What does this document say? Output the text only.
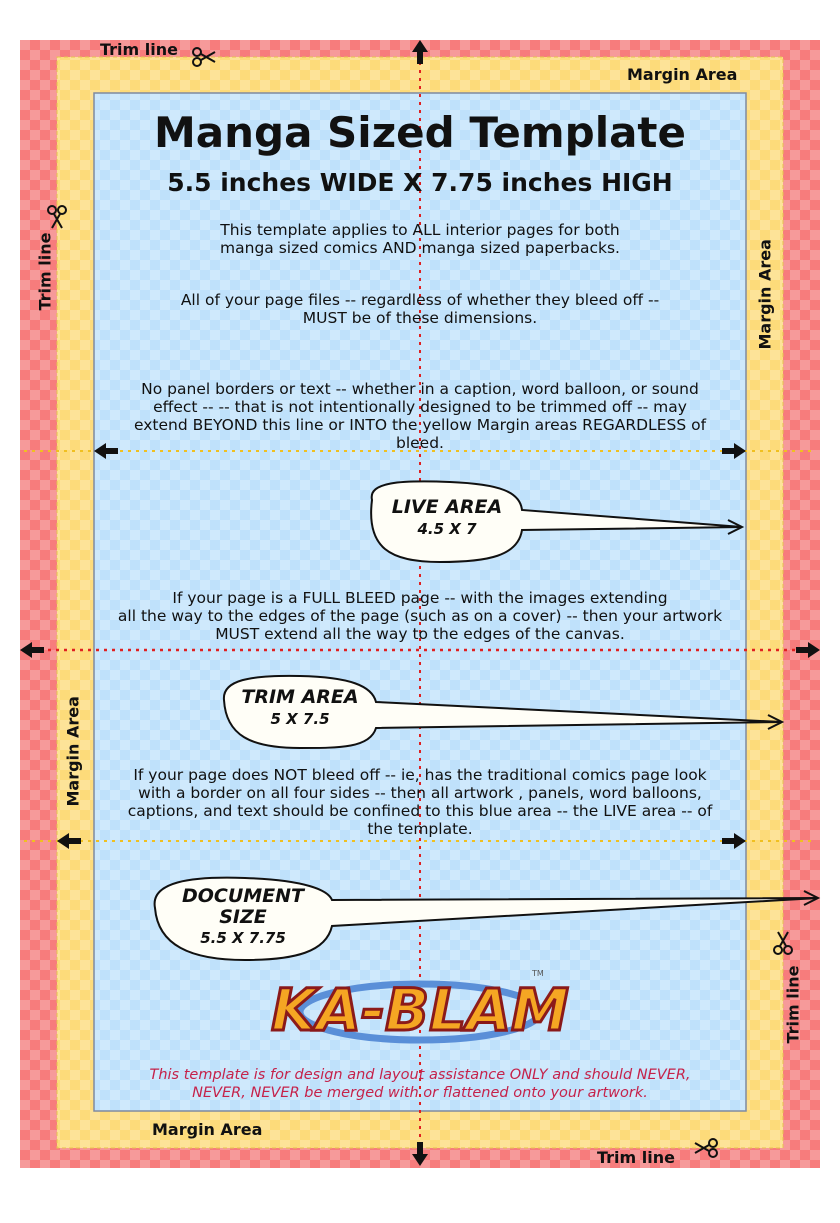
KA-BLAM
TM
Manga Sized Template
5.5 inches WIDE X 7.75 inches HIGH
This template applies to ALL interior pages for both
manga sized comics AND manga sized paperbacks.
All of your page files -- regardless of whether they bleed off --
MUST be of these dimensions.
No panel borders or text -- whether in a caption, word balloon, or sound
effect -- -- that is not intentionally designed to be trimmed off -- may
extend BEYOND this line or INTO the yellow Margin areas REGARDLESS of
bleed.
If your page is a FULL BLEED page -- with the images extending
all the way to the edges of the page (such as on a cover) -- then your artwork
MUST extend all the way to the edges of the canvas.
If your page does NOT bleed off -- ie, has the traditional comics page look
with a border on all four sides -- then all artwork , panels, word balloons,
captions, and text should be confined to this blue area -- the LIVE area -- of
the template.
LIVE AREA
4.5 X 7
TRIM AREA
5 X 7.5
DOCUMENT
SIZE
5.5 X 7.75
Trim line
Trim line
Trim line
Trim line
Margin Area
Margin Area
Margin Area
Margin Area
This template is for design and layout assistance ONLY and should NEVER,
NEVER, NEVER be merged with or flattened onto your artwork.
